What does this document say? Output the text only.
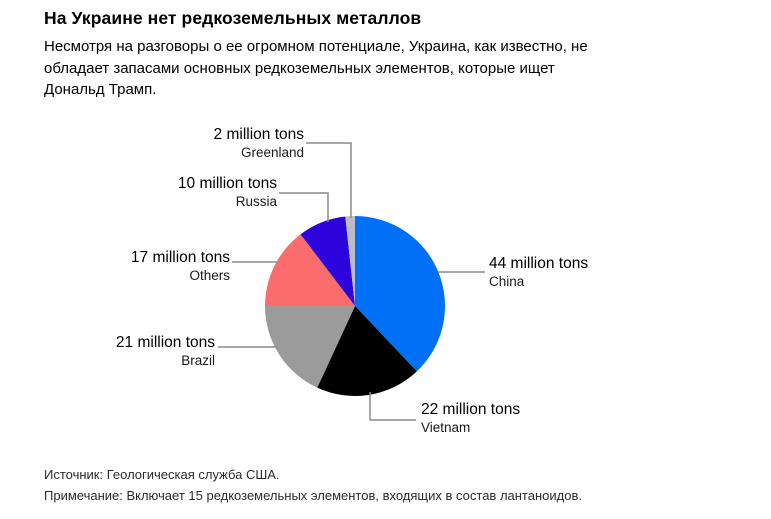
На Украине нет редкоземельных металлов
Несмотря на разговоры о ее огромном потенциале, Украина, как известно, не
обладает запасами основных редкоземельных элементов, которые ищет
Дональд Трамп.
2 million tons
Greenland
10 million tons
Russia
17 million tons
Others
21 million tons
Brazil
44 million tons
China
22 million tons
Vietnam
Источник: Геологическая служба США.
Примечание: Включает 15 редкоземельных элементов, входящих в состав лантаноидов.
